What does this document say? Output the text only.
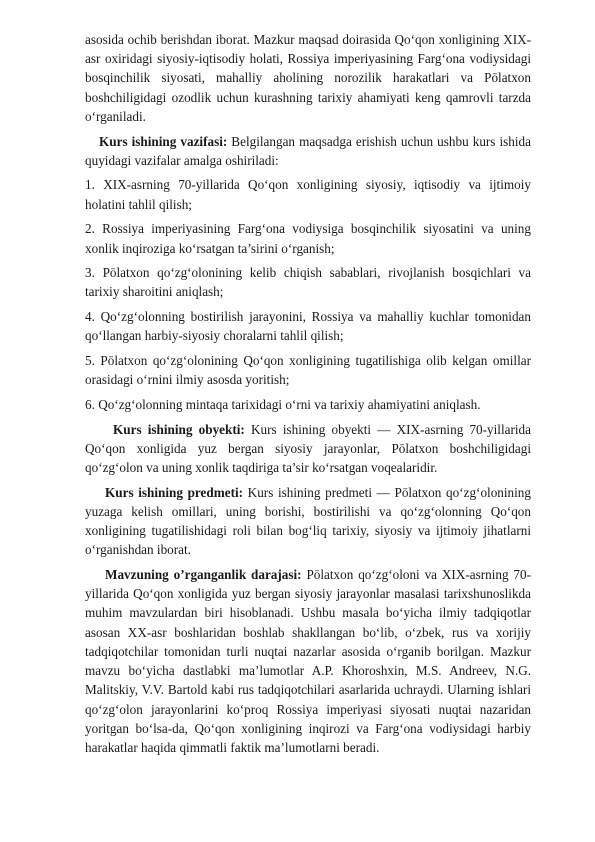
asosida ochib berishdan iborat. Mazkur maqsad doirasida Qo‘qon xonligining XIX-asr oxiridagi siyosiy-iqtisodiy holati, Rossiya imperiyasining Farg‘ona vodiysidagi bosqinchilik siyosati, mahalliy aholining norozilik harakatlari va Pōlatxon boshchiligidagi ozodlik uchun kurashning tarixiy ahamiyati keng qamrovli tarzda o‘rganiladi.

Kurs ishining vazifasi: Belgilangan maqsadga erishish uchun ushbu kurs ishida quyidagi vazifalar amalga oshiriladi:

1. XIX-asrning 70-yillarida Qo‘qon xonligining siyosiy, iqtisodiy va ijtimoiy holatini tahlil qilish;

2. Rossiya imperiyasining Farg‘ona vodiysiga bosqinchilik siyosatini va uning xonlik inqiroziga ko‘rsatgan ta’sirini o‘rganish;

3. Pōlatxon qo‘zg‘olonining kelib chiqish sabablari, rivojlanish bosqichlari va tarixiy sharoitini aniqlash;

4. Qo‘zg‘olonning bostirilish jarayonini, Rossiya va mahalliy kuchlar tomonidan qo‘llangan harbiy-siyosiy choralarni tahlil qilish;

5. Pōlatxon qo‘zg‘olonining Qo‘qon xonligining tugatilishiga olib kelgan omillar orasidagi o‘rnini ilmiy asosda yoritish;

6. Qo‘zg‘olonning mintaqa tarixidagi o‘rni va tarixiy ahamiyatini aniqlash.

Kurs ishining obyekti: Kurs ishining obyekti — XIX-asrning 70-yillarida Qo‘qon xonligida yuz bergan siyosiy jarayonlar, Pōlatxon boshchiligidagi qo‘zg‘olon va uning xonlik taqdiriga ta’sir ko‘rsatgan voqealaridir.

Kurs ishining predmeti: Kurs ishining predmeti — Pōlatxon qo‘zg‘olonining yuzaga kelish omillari, uning borishi, bostirilishi va qo‘zg‘olonning Qo‘qon xonligining tugatilishidagi roli bilan bog‘liq tarixiy, siyosiy va ijtimoiy jihatlarni o‘rganishdan iborat.

Mavzuning o’rganganlik darajasi: Pōlatxon qo‘zg‘oloni va XIX-asrning 70-yillarida Qo‘qon xonligida yuz bergan siyosiy jarayonlar masalasi tarixshunoslikda muhim mavzulardan biri hisoblanadi. Ushbu masala bo‘yicha ilmiy tadqiqotlar asosan XX-asr boshlaridan boshlab shakllangan bo‘lib, o‘zbek, rus va xorijiy tadqiqotchilar tomonidan turli nuqtai nazarlar asosida o‘rganib borilgan. Mazkur mavzu bo‘yicha dastlabki ma’lumotlar A.P. Khoroshxin, M.S. Andreev, N.G. Malitskiy, V.V. Bartold kabi rus tadqiqotchilari asarlarida uchraydi. Ularning ishlari qo‘zg‘olon jarayonlarini ko‘proq Rossiya imperiyasi siyosati nuqtai nazaridan yoritgan bo‘lsa-da, Qo‘qon xonligining inqirozi va Farg‘ona vodiysidagi harbiy harakatlar haqida qimmatli faktik ma’lumotlarni beradi.
